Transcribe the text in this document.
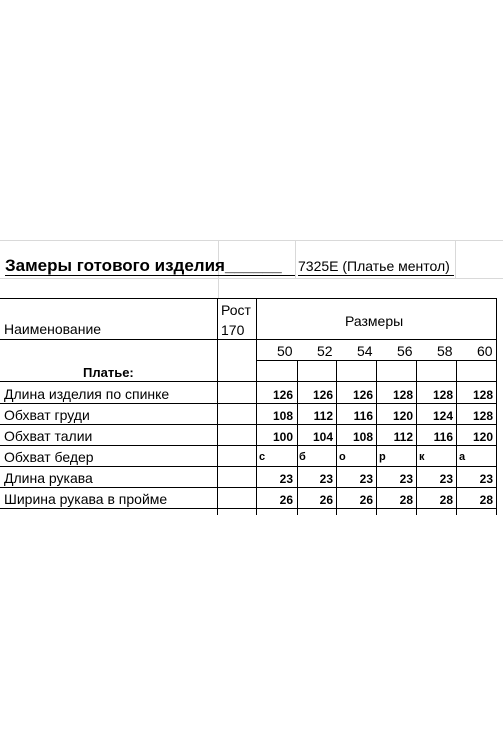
Замеры готового изделия______ 7325E (Платье ментол)
Наименование
Рост
170
Размеры
50 52 54 56 58 60
Платье:
Длина изделия по спинке	126	126	126	128	128	128
Обхват груди	108	112	116	120	124	128
Обхват талии	100	104	108	112	116	120
Обхват бедер	с	б	о	р	к	а
Длина рукава	23	23	23	23	23	23
Ширина рукава в пройме	26	26	26	28	28	28
